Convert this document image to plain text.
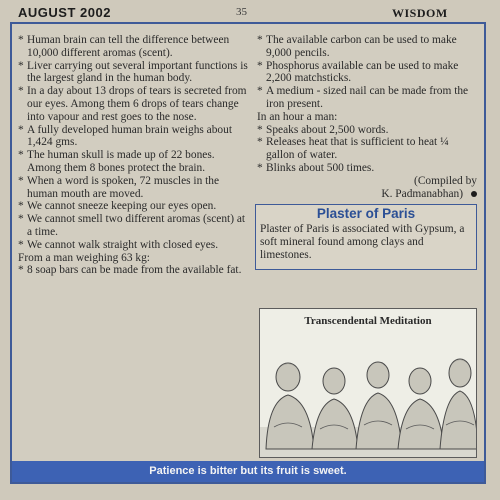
AUGUST 2002	35	WISDOM
* Human brain can tell the difference between 10,000 different aromas (scent).
* Liver carrying out several important functions is the largest gland in the human body.
* In a day about 13 drops of tears is secreted from our eyes. Among them 6 drops of tears change into vapour and rest goes to the nose.
* A fully developed human brain weighs about 1,424 gms.
* The human skull is made up of 22 bones. Among them 8 bones protect the brain.
* When a word is spoken, 72 muscles in the human mouth are moved.
* We cannot sneeze keeping our eyes open.
* We cannot smell two different aromas (scent) at a time.
* We cannot walk straight with closed eyes.

From a man weighing 63 kg:

* 8 soap bars can be made from the available fat.
* The available carbon can be used to make 9,000 pencils.
* Phosphorus available can be used to make 2,200 matchsticks.
* A medium - sized nail can be made from the iron present.

In an hour a man:

* Speaks about 2,500 words.
* Releases heat that is sufficient to heat ¼ gallon of water.
* Blinks about 500 times.

(Compiled by

K. Padmanabhan)

Plaster of Paris

Plaster of Paris is associated with Gypsum, a soft mineral found among clays and limestones.

Transcendental Meditation
Patience is bitter but its fruit is sweet.
